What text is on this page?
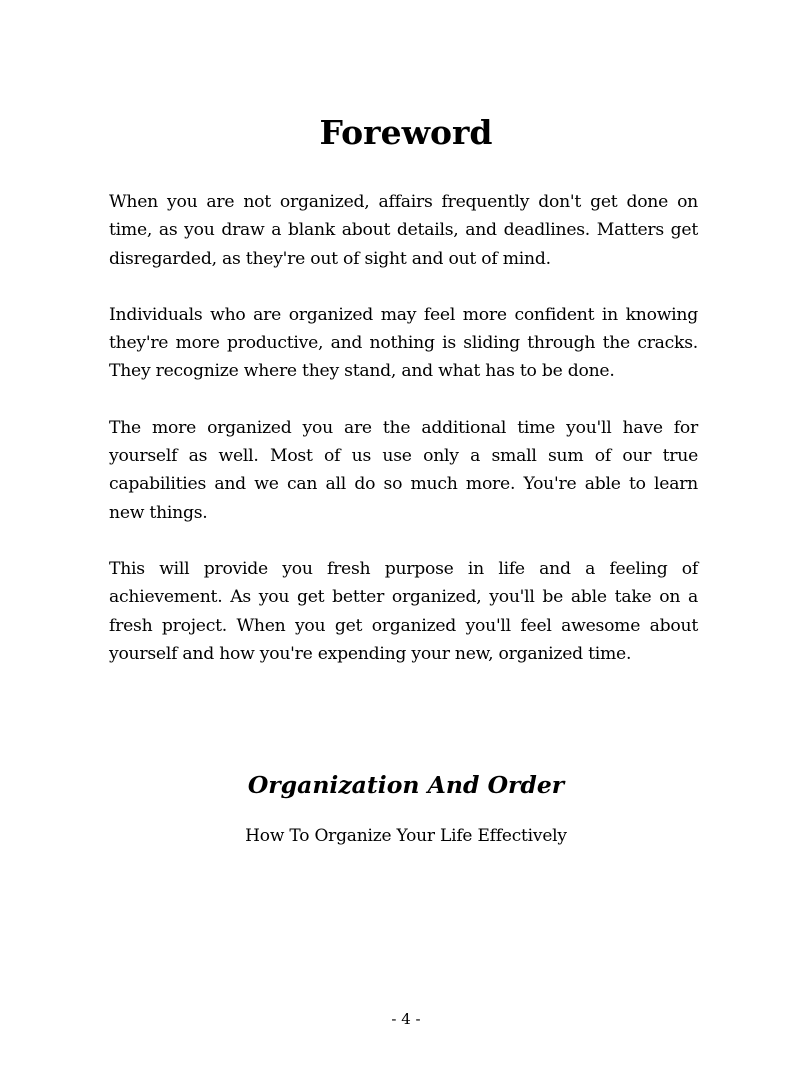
Foreword

When you are not organized, affairs frequently don't get done on time, as you draw a blank about details, and deadlines. Matters get disregarded, as they're out of sight and out of mind.

Individuals who are organized may feel more confident in knowing they're more productive, and nothing is sliding through the cracks. They recognize where they stand, and what has to be done.

The more organized you are the additional time you'll have for yourself as well. Most of us use only a small sum of our true capabilities and we can all do so much more. You're able to learn new things.

This will provide you fresh purpose in life and a feeling of achievement. As you get better organized, you'll be able take on a fresh project. When you get organized you'll feel awesome about yourself and how you're expending your new, organized time.

Organization And Order

How To Organize Your Life Effectively

- 4 -
